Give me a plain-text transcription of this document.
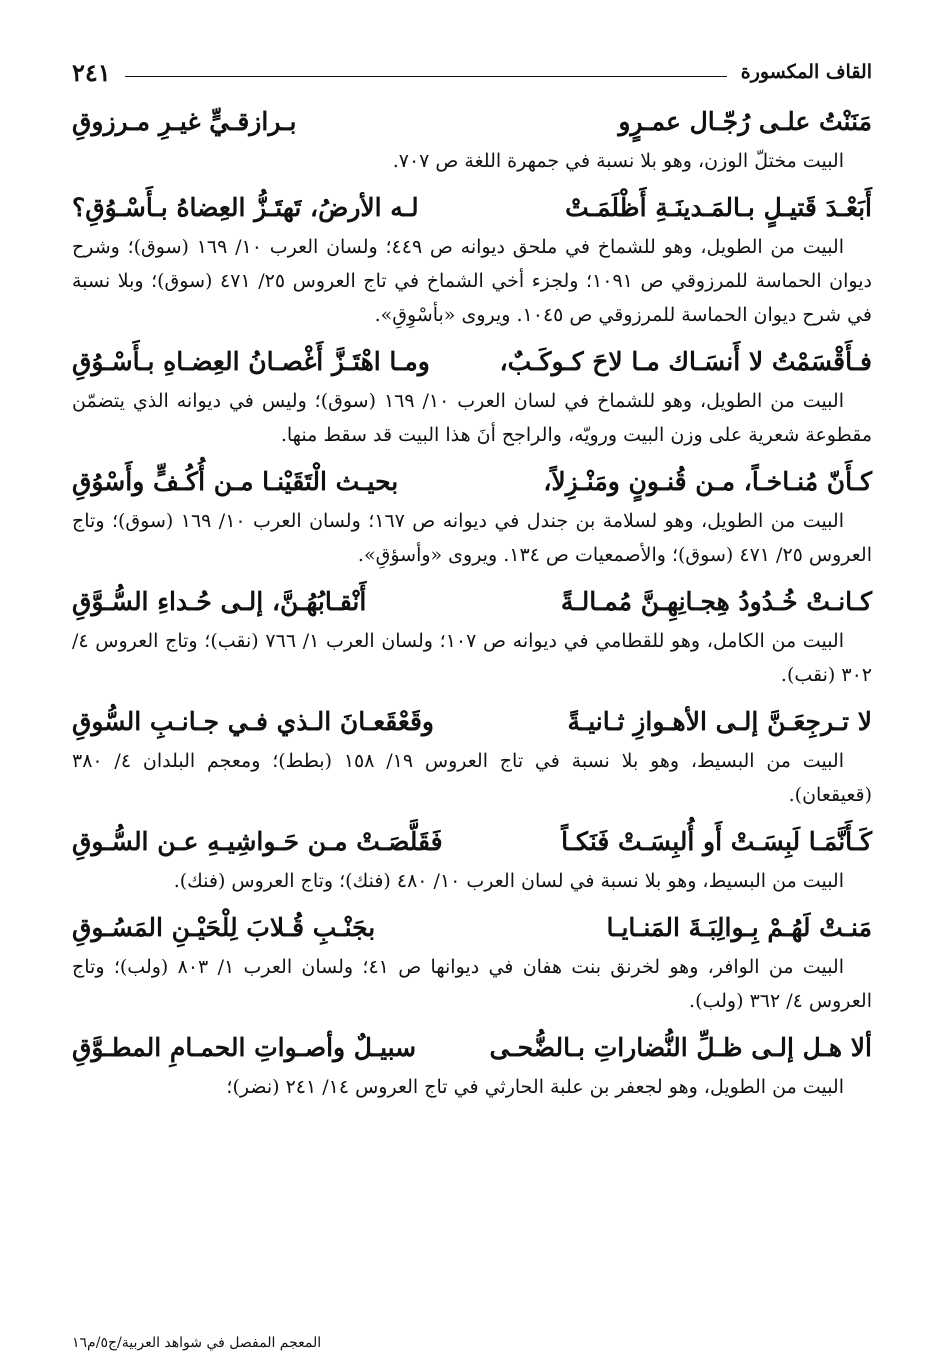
القاف المكسورة
٢٤١
مَنَنْتُ علـى رُجّـال عمـرٍو
بـرازقـيٍّ غيـرِ مـرزوقِ

البيت مختلّ الوزن، وهو بلا نسبة في جمهرة اللغة ص ٧٠٧.

أَبَعْـدَ قَتيـلٍ بـالمَـدينَـةِ أَظْلَمَـتْ
لـه الأرضُ، تَهتَـزُّ العِضاهُ بـأَسْـوُقِ؟

البيت من الطويل، وهو للشماخ في ملحق ديوانه ص ٤٤٩؛ ولسان العرب ١٠/ ١٦٩ (سوق)؛ وشرح ديوان الحماسة للمرزوقي ص ١٠٩١؛ ولجزء أخي الشماخ في تاج العروس ٢٥/ ٤٧١ (سوق)؛ وبلا نسبة في شرح ديوان الحماسة للمرزوقي ص ١٠٤٥. ويروى «بأسْوِقِ».

فـأَقْسَمْتُ لا أَنسَـاك مـا لاحَ كـوكَـبٌ،
ومـا اهْتَـزَّ أَغْصـانُ العِضـاهِ بـأَسْـوُقِ

البيت من الطويل، وهو للشماخ في لسان العرب ١٠/ ١٦٩ (سوق)؛ وليس في ديوانه الذي يتضمّن مقطوعة شعرية على وزن البيت ورويّه، والراجح أنَ هذا البيت قد سقط منها.

كـأَنّ مُنـاخـاً، مـن قُنـونٍ ومَنْـزِلاً،
بحيـث الْتَقَيْنـا مـن أُكُـفٍّ وأَسْوُقِ

البيت من الطويل، وهو لسلامة بن جندل في ديوانه ص ١٦٧؛ ولسان العرب ١٠/ ١٦٩ (سوق)؛ وتاج العروس ٢٥/ ٤٧١ (سوق)؛ والأصمعيات ص ١٣٤. ويروى «وأسؤقِ».

كـانـتْ خُـدُودُ هِجـانِهِـنَّ مُمـالـةً
أَنْقـابُهُـنَّ، إلـى حُـداءِ السُّـوَّقِ

البيت من الكامل، وهو للقطامي في ديوانه ص ١٠٧؛ ولسان العرب ١/ ٧٦٦ (نقب)؛ وتاج العروس ٤/ ٣٠٢ (نقب).

لا تـرجِعَـنَّ إلـى الأهـوازِ ثـانيـةً
وقَعْقَعـانَ الـذي فـي جـانـبِ السُّوقِ

البيت من البسيط، وهو بلا نسبة في تاج العروس ١٩/ ١٥٨ (بطط)؛ ومعجم البلدان ٤/ ٣٨٠ (قعيقعان).

كَـأَنَّمَـا لَبِسَـتْ أَو أُلبِسَـتْ فَنَكـاً
فَقَلَّصَـتْ مـن حَـواشِيـهِ عـن السُّـوقِ

البيت من البسيط، وهو بلا نسبة في لسان العرب ١٠/ ٤٨٠ (فنك)؛ وتاج العروس (فنك).

مَنـتْ لَهُـمْ بِـوالِبَـةَ المَنـايـا
بجَنْـبِ قُـلابَ لِلْحَيْـنِ المَسُـوقِ

البيت من الوافر، وهو لخرنق بنت هفان في ديوانها ص ٤١؛ ولسان العرب ١/ ٨٠٣ (ولب)؛ وتاج العروس ٤/ ٣٦٢ (ولب).

ألا هـل إلـى ظـلِّ النُّضاراتِ بـالضُّحـى
سبيـلٌ وأصـواتِ الحمـامِ المطـوَّقِ

البيت من الطويل، وهو لجعفر بن علبة الحارثي في تاج العروس ١٤/ ٢٤١ (نضر)؛

المعجم المفصل في شواهد العربية/ج٥/م١٦
